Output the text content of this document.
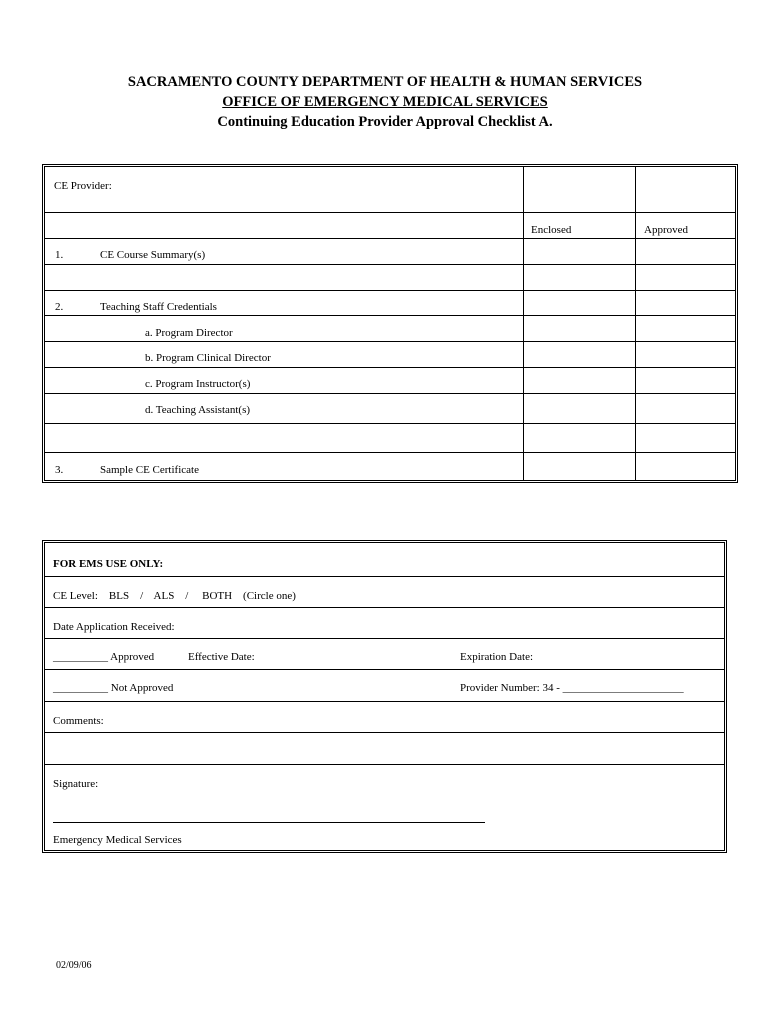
SACRAMENTO COUNTY DEPARTMENT OF HEALTH & HUMAN SERVICES
OFFICE OF EMERGENCY MEDICAL SERVICES
Continuing Education Provider Approval Checklist A.
CE Provider:
Enclosed	Approved
1.	CE Course Summary(s)
2.	Teaching Staff Credentials
a. Program Director
b. Program Clinical Director
c. Program Instructor(s)
d. Teaching Assistant(s)
3.	Sample CE Certificate
FOR EMS USE ONLY:
CE Level:    BLS    /    ALS    /     BOTH    (Circle one)
Date Application Received:
__________ Approved	Effective Date:	Expiration Date:
__________ Not Approved	Provider Number: 34 - ______________________
Comments:
Signature:
Emergency Medical Services
02/09/06
